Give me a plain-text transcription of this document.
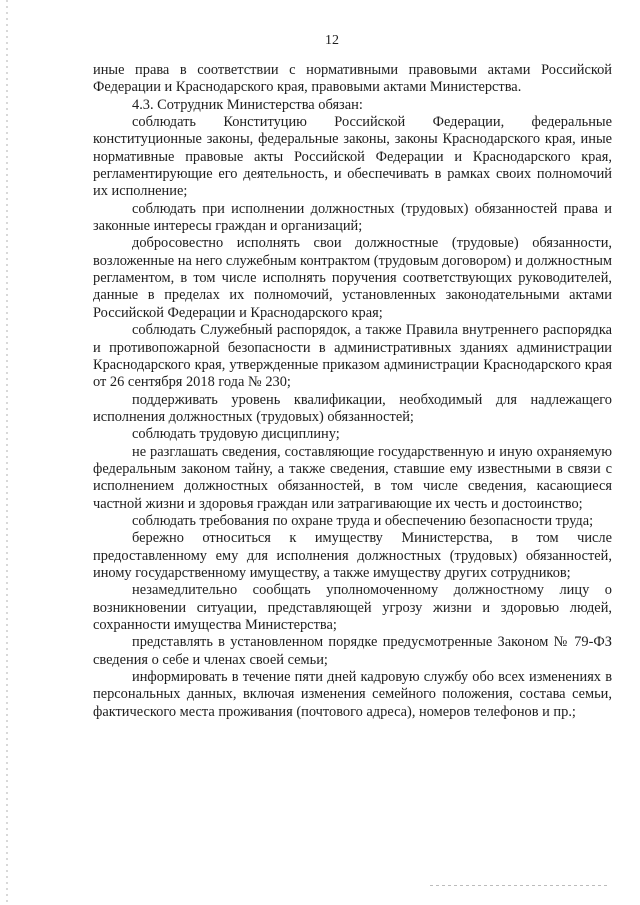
12

иные права в соответствии с нормативными правовыми актами Российской Федерации и Краснодарского края, правовыми актами Министерства.

4.3. Сотрудник Министерства обязан:

соблюдать Конституцию Российской Федерации, федеральные конституционные законы, федеральные законы, законы Краснодарского края, иные нормативные правовые акты Российской Федерации и Краснодарского края, регламентирующие его деятельность, и обеспечивать в рамках своих полномочий их исполнение;

соблюдать при исполнении должностных (трудовых) обязанностей права и законные интересы граждан и организаций;

добросовестно исполнять свои должностные (трудовые) обязанности, возложенные на него служебным контрактом (трудовым договором) и должностным регламентом, в том числе исполнять поручения соответствующих руководителей, данные в пределах их полномочий, установленных законодательными актами Российской Федерации и Краснодарского края;

соблюдать Служебный распорядок, а также Правила внутреннего распорядка и противопожарной безопасности в административных зданиях администрации Краснодарского края, утвержденные приказом администрации Краснодарского края от 26 сентября 2018 года № 230;

поддерживать уровень квалификации, необходимый для надлежащего исполнения должностных (трудовых) обязанностей;

соблюдать трудовую дисциплину;

не разглашать сведения, составляющие государственную и иную охраняемую федеральным законом тайну, а также сведения, ставшие ему известными в связи с исполнением должностных обязанностей, в том числе сведения, касающиеся частной жизни и здоровья граждан или затрагивающие их честь и достоинство;

соблюдать требования по охране труда и обеспечению безопасности труда;

бережно относиться к имуществу Министерства, в том числе предоставленному ему для исполнения должностных (трудовых) обязанностей, иному государственному имуществу, а также имуществу других сотрудников;

незамедлительно сообщать уполномоченному должностному лицу о возникновении ситуации, представляющей угрозу жизни и здоровью людей, сохранности имущества Министерства;

представлять в установленном порядке предусмотренные Законом № 79-ФЗ сведения о себе и членах своей семьи;

информировать в течение пяти дней кадровую службу обо всех изменениях в персональных данных, включая изменения семейного положения, состава семьи, фактического места проживания (почтового адреса), номеров телефонов и пр.;
